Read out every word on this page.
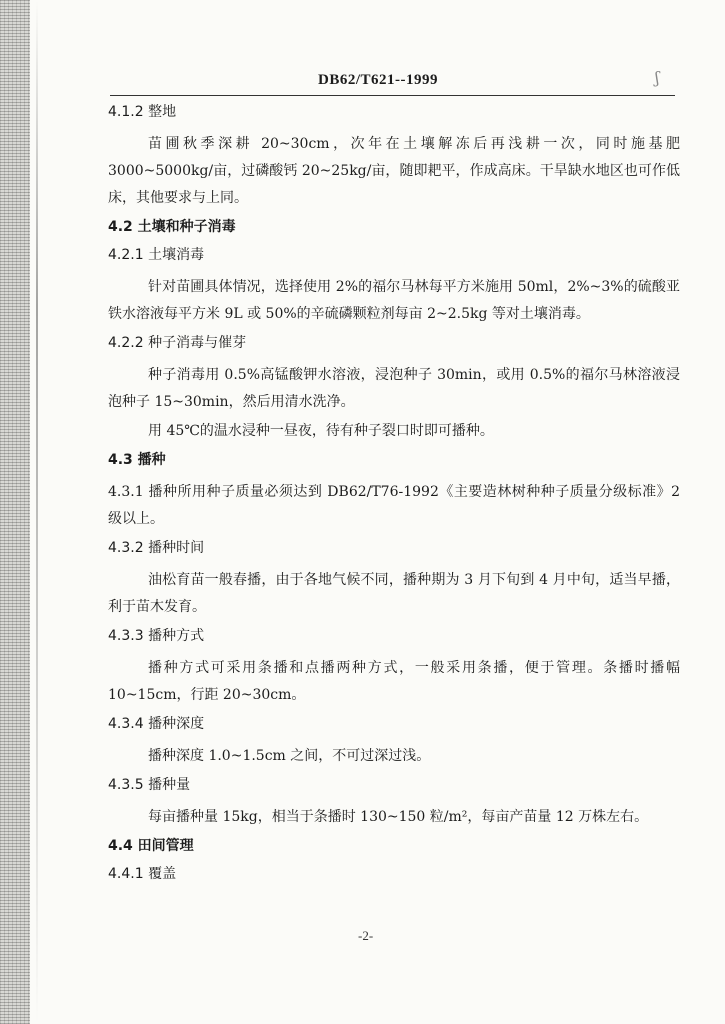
DB62/T621--1999	ʃ
4.1.2 整地

苗圃秋季深耕 20~30cm，次年在土壤解冻后再浅耕一次，同时施基肥 3000~5000kg/亩，过磷酸钙 20~25kg/亩，随即耙平，作成高床。干旱缺水地区也可作低床，其他要求与上同。

4.2 土壤和种子消毒
4.2.1 土壤消毒

针对苗圃具体情况，选择使用 2%的福尔马林每平方米施用 50ml，2%~3%的硫酸亚铁水溶液每平方米 9L 或 50%的辛硫磷颗粒剂每亩 2~2.5kg 等对土壤消毒。

4.2.2 种子消毒与催芽

种子消毒用 0.5%高锰酸钾水溶液，浸泡种子 30min，或用 0.5%的福尔马林溶液浸泡种子 15~30min，然后用清水洗净。

用 45℃的温水浸种一昼夜，待有种子裂口时即可播种。

4.3 播种

4.3.1 播种所用种子质量必须达到 DB62/T76-1992《主要造林树种种子质量分级标准》2 级以上。

4.3.2 播种时间

油松育苗一般春播，由于各地气候不同，播种期为 3 月下旬到 4 月中旬，适当早播，利于苗木发育。

4.3.3 播种方式

播种方式可采用条播和点播两种方式，一般采用条播，便于管理。条播时播幅 10~15cm，行距 20~30cm。

4.3.4 播种深度

播种深度 1.0~1.5cm 之间，不可过深过浅。

4.3.5 播种量

每亩播种量 15kg，相当于条播时 130~150 粒/m²，每亩产苗量 12 万株左右。

4.4 田间管理
4.4.1 覆盖
-2-
